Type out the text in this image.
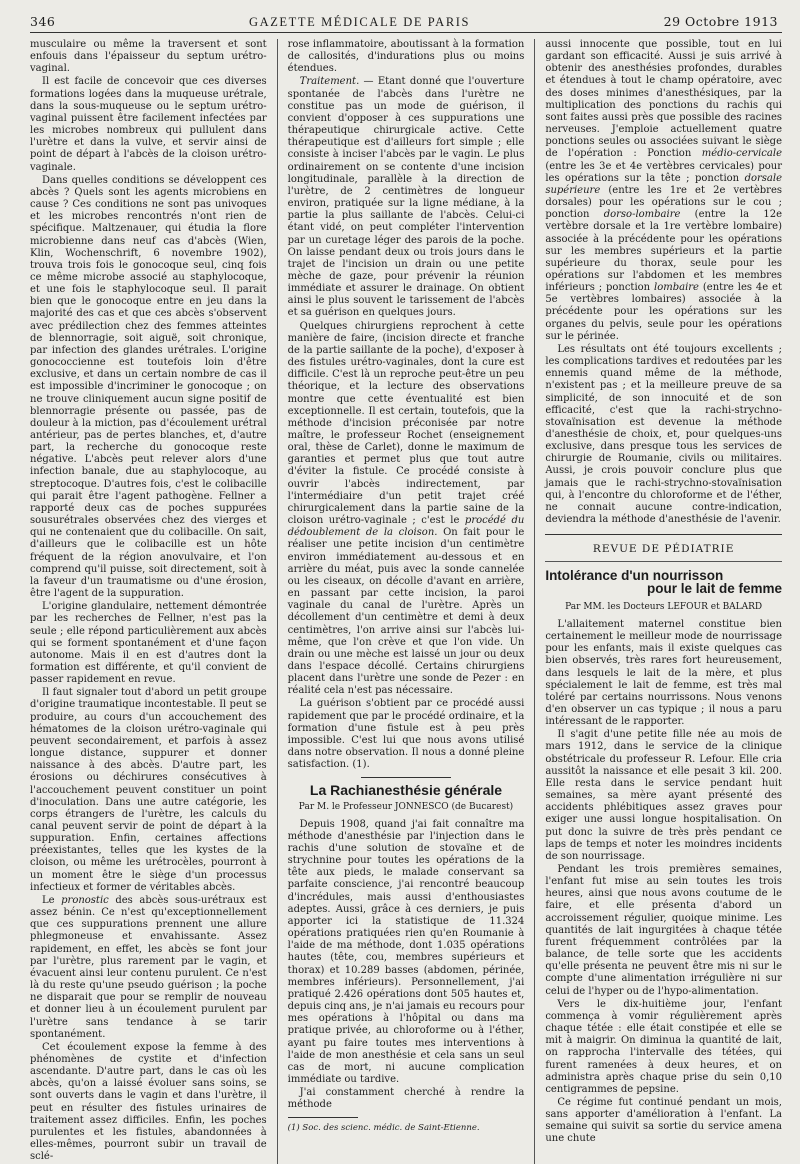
346	GAZETTE MÉDICALE DE PARIS	29 Octobre 1913

musculaire ou même la traversent et sont enfouis dans l'épaisseur du septum urétro-vaginal.

Il est facile de concevoir que ces diverses formations logées dans la muqueuse urétrale, dans la sous-muqueuse ou le septum urétro-vaginal puissent être facilement infectées par les microbes nombreux qui pullulent dans l'urètre et dans la vulve, et servir ainsi de point de départ à l'abcès de la cloison urétro-vaginale.

Dans quelles conditions se développent ces abcès ? Quels sont les agents microbiens en cause ? Ces conditions ne sont pas univoques et les microbes rencontrés n'ont rien de spécifique. Maltzenauer, qui étudia la flore microbienne dans neuf cas d'abcès (Wien, Klin, Wochenschrift, 6 novembre 1902), trouva trois fois le gonocoque seul, cinq fois ce même microbe associé au staphylocoque, et une fois le staphylocoque seul. Il parait bien que le gonocoque entre en jeu dans la majorité des cas et que ces abcès s'observent avec prédilection chez des femmes atteintes de blennorragie, soit aiguë, soit chronique, par infection des glandes urétrales. L'origine gonococcienne est toutefois loin d'être exclusive, et dans un certain nombre de cas il est impossible d'incriminer le gonocoque ; on ne trouve cliniquement aucun signe positif de blennorragie présente ou passée, pas de douleur à la miction, pas d'écoulement urétral antérieur, pas de pertes blanches, et, d'autre part, la recherche du gonocoque reste négative. L'abcès peut relever alors d'une infection banale, due au staphylocoque, au streptocoque. D'autres fois, c'est le colibacille qui parait être l'agent pathogène. Fellner a rapporté deux cas de poches suppurées sousurétrales observées chez des vierges et qui ne contenaient que du colibacille. On sait, d'ailleurs que le colibacille est un hôte fréquent de la région anovulvaire, et l'on comprend qu'il puisse, soit directement, soit à la faveur d'un traumatisme ou d'une érosion, être l'agent de la suppuration.

L'origine glandulaire, nettement démontrée par les recherches de Fellner, n'est pas la seule ; elle répond particulièrement aux abcès qui se forment spontanément et d'une façon autonome. Mais il en est d'autres dont la formation est différente, et qu'il convient de passer rapidement en revue.

Il faut signaler tout d'abord un petit groupe d'origine traumatique incontestable. Il peut se produire, au cours d'un accouchement des hématomes de la cloison urétro-vaginale qui peuvent secondairement, et parfois à assez longue distance, suppurer et donner naissance à des abcès. D'autre part, les érosions ou déchirures consécutives à l'accouchement peuvent constituer un point d'inoculation. Dans une autre catégorie, les corps étrangers de l'urètre, les calculs du canal peuvent servir de point de départ à la suppuration. Enfin, certaines affections préexistantes, telles que les kystes de la cloison, ou même les urétrocèles, pourront à un moment être le siège d'un processus infectieux et former de véritables abcès.

Le pronostic des abcès sous-urétraux est assez bénin. Ce n'est qu'exceptionnellement que ces suppurations prennent une allure phlegmoneuse et envahissante. Assez rapidement, en effet, les abcès se font jour par l'urètre, plus rarement par le vagin, et évacuent ainsi leur contenu purulent. Ce n'est là du reste qu'une pseudo guérison ; la poche ne disparait que pour se remplir de nouveau et donner lieu à un écoulement purulent par l'urètre sans tendance à se tarir spontanément.

Cet écoulement expose la femme à des phénomènes de cystite et d'infection ascendante. D'autre part, dans le cas où les abcès, qu'on a laissé évoluer sans soins, se sont ouverts dans le vagin et dans l'urètre, il peut en résulter des fistules urinaires de traitement assez difficiles. Enfin, les poches purulentes et les fistules, abandonnées à elles-mêmes, pourront subir un travail de sclé-

rose inflammatoire, aboutissant à la formation de callosités, d'indurations plus ou moins étendues.

Traitement. — Etant donné que l'ouverture spontanée de l'abcès dans l'urètre ne constitue pas un mode de guérison, il convient d'opposer à ces suppurations une thérapeutique chirurgicale active. Cette thérapeutique est d'ailleurs fort simple ; elle consiste à inciser l'abcès par le vagin. Le plus ordinairement on se contente d'une incision longitudinale, parallèle à la direction de l'urètre, de 2 centimètres de longueur environ, pratiquée sur la ligne médiane, à la partie la plus saillante de l'abcès. Celui-ci étant vidé, on peut compléter l'intervention par un curetage léger des parois de la poche. On laisse pendant deux ou trois jours dans le trajet de l'incision un drain ou une petite mèche de gaze, pour prévenir la réunion immédiate et assurer le drainage. On obtient ainsi le plus souvent le tarissement de l'abcès et sa guérison en quelques jours.

Quelques chirurgiens reprochent à cette manière de faire, (incision directe et franche de la partie saillante de la poche), d'exposer à des fistules urétro-vaginales, dont la cure est difficile. C'est là un reproche peut-être un peu théorique, et la lecture des observations montre que cette éventualité est bien exceptionnelle. Il est certain, toutefois, que la méthode d'incision préconisée par notre maître, le professeur Rochet (enseignement oral, thèse de Carlet), donne le maximum de garanties et permet plus que tout autre d'éviter la fistule. Ce procédé consiste à ouvrir l'abcès indirectement, par l'intermédiaire d'un petit trajet créé chirurgicalement dans la partie saine de la cloison urétro-vaginale ; c'est le procédé du dédoublement de la cloison. On fait pour le réaliser une petite incision d'un centimètre environ immédiatement au-dessous et en arrière du méat, puis avec la sonde cannelée ou les ciseaux, on décolle d'avant en arrière, en passant par cette incision, la paroi vaginale du canal de l'urètre. Après un décollement d'un centimètre et demi à deux centimètres, l'on arrive ainsi sur l'abcès lui-même, que l'on crève et que l'on vide. Un drain ou une mèche est laissé un jour ou deux dans l'espace décollé. Certains chirurgiens placent dans l'urètre une sonde de Pezer : en réalité cela n'est pas nécessaire.

La guérison s'obtient par ce procédé aussi rapidement que par le procédé ordinaire, et la formation d'une fistule est à peu près impossible. C'est lui que nous avons utilisé dans notre observation. Il nous a donné pleine satisfaction. (1).

La Rachianesthésie générale
Par M. le Professeur JONNESCO (de Bucarest)

Depuis 1908, quand j'ai fait connaître ma méthode d'anesthésie par l'injection dans le rachis d'une solution de stovaïne et de strychnine pour toutes les opérations de la tête aux pieds, le malade conservant sa parfaite conscience, j'ai rencontré beaucoup d'incrédules, mais aussi d'enthousiastes adeptes. Aussi, grâce à ces derniers, je puis apporter ici la statistique de 11.324 opérations pratiquées rien qu'en Roumanie à l'aide de ma méthode, dont 1.035 opérations hautes (tête, cou, membres supérieurs et thorax) et 10.289 basses (abdomen, périnée, membres inférieurs). Personnellement, j'ai pratiqué 2.426 opérations dont 505 hautes et, depuis cinq ans, je n'ai jamais eu recours pour mes opérations à l'hôpital ou dans ma pratique privée, au chloroforme ou à l'éther, ayant pu faire toutes mes interventions à l'aide de mon anesthésie et cela sans un seul cas de mort, ni aucune complication immédiate ou tardive.

J'ai constamment cherché à rendre la méthode

(1) Soc. des scienc. médic. de Saint-Etienne.

aussi innocente que possible, tout en lui gardant son efficacité. Aussi je suis arrivé à obtenir des anesthésies profondes, durables et étendues à tout le champ opératoire, avec des doses minimes d'anesthésiques, par la multiplication des ponctions du rachis qui sont faites aussi près que possible des racines nerveuses. J'emploie actuellement quatre ponctions seules ou associées suivant le siège de l'opération : Ponction médio-cervicale (entre les 3e et 4e vertèbres cervicales) pour les opérations sur la tête ; ponction dorsale supérieure (entre les 1re et 2e vertèbres dorsales) pour les opérations sur le cou ; ponction dorso-lombaire (entre la 12e vertèbre dorsale et la 1re vertèbre lombaire) associée à la précédente pour les opérations sur les membres supérieurs et la partie supérieure du thorax, seule pour les opérations sur l'abdomen et les membres inférieurs ; ponction lombaire (entre les 4e et 5e vertèbres lombaires) associée à la précédente pour les opérations sur les organes du pelvis, seule pour les opérations sur le périnée.

Les résultats ont été toujours excellents ; les complications tardives et redoutées par les ennemis quand même de la méthode, n'existent pas ; et la meilleure preuve de sa simplicité, de son innocuité et de son efficacité, c'est que la rachi-strychno-stovaïnisation est devenue la méthode d'anesthésie de choix, et, pour quelques-uns exclusive, dans presque tous les services de chirurgie de Roumanie, civils ou militaires. Aussi, je crois pouvoir conclure plus que jamais que le rachi-strychno-stovaïnisation qui, à l'encontre du chloroforme et de l'éther, ne connait aucune contre-indication, deviendra la méthode d'anesthésie de l'avenir.

REVUE DE PÉDIATRIE
Intolérance d'un nourrisson
pour le lait de femme
Par MM. les Docteurs LEFOUR et BALARD

L'allaitement maternel constitue bien certainement le meilleur mode de nourrissage pour les enfants, mais il existe quelques cas bien observés, très rares fort heureusement, dans lesquels le lait de la mère, et plus spécialement le lait de femme, est très mal toléré par certains nourrissons. Nous venons d'en observer un cas typique ; il nous a paru intéressant de le rapporter.

Il s'agit d'une petite fille née au mois de mars 1912, dans le service de la clinique obstétricale du professeur R. Lefour. Elle cria aussitôt la naissance et elle pesait 3 kil. 200. Elle resta dans le service pendant huit semaines, sa mère ayant présenté des accidents phlébitiques assez graves pour exiger une aussi longue hospitalisation. On put donc la suivre de très près pendant ce laps de temps et noter les moindres incidents de son nourrissage.

Pendant les trois premières semaines, l'enfant fut mise au sein toutes les trois heures, ainsi que nous avons coutume de le faire, et elle présenta d'abord un accroissement régulier, quoique minime. Les quantités de lait ingurgitées à chaque tétée furent fréquemment contrôlées par la balance, de telle sorte que les accidents qu'elle présenta ne peuvent être mis ni sur le compte d'une alimentation irrégulière ni sur celui de l'hyper ou de l'hypo-alimentation.

Vers le dix-huitième jour, l'enfant commença à vomir régulièrement après chaque tétée : elle était constipée et elle se mit à maigrir. On diminua la quantité de lait, on rapprocha l'intervalle des tétées, qui furent ramenées à deux heures, et on administra après chaque prise du sein 0,10 centigrammes de pepsine.

Ce régime fut continué pendant un mois, sans apporter d'amélioration à l'enfant. La semaine qui suivit sa sortie du service amena une chute
